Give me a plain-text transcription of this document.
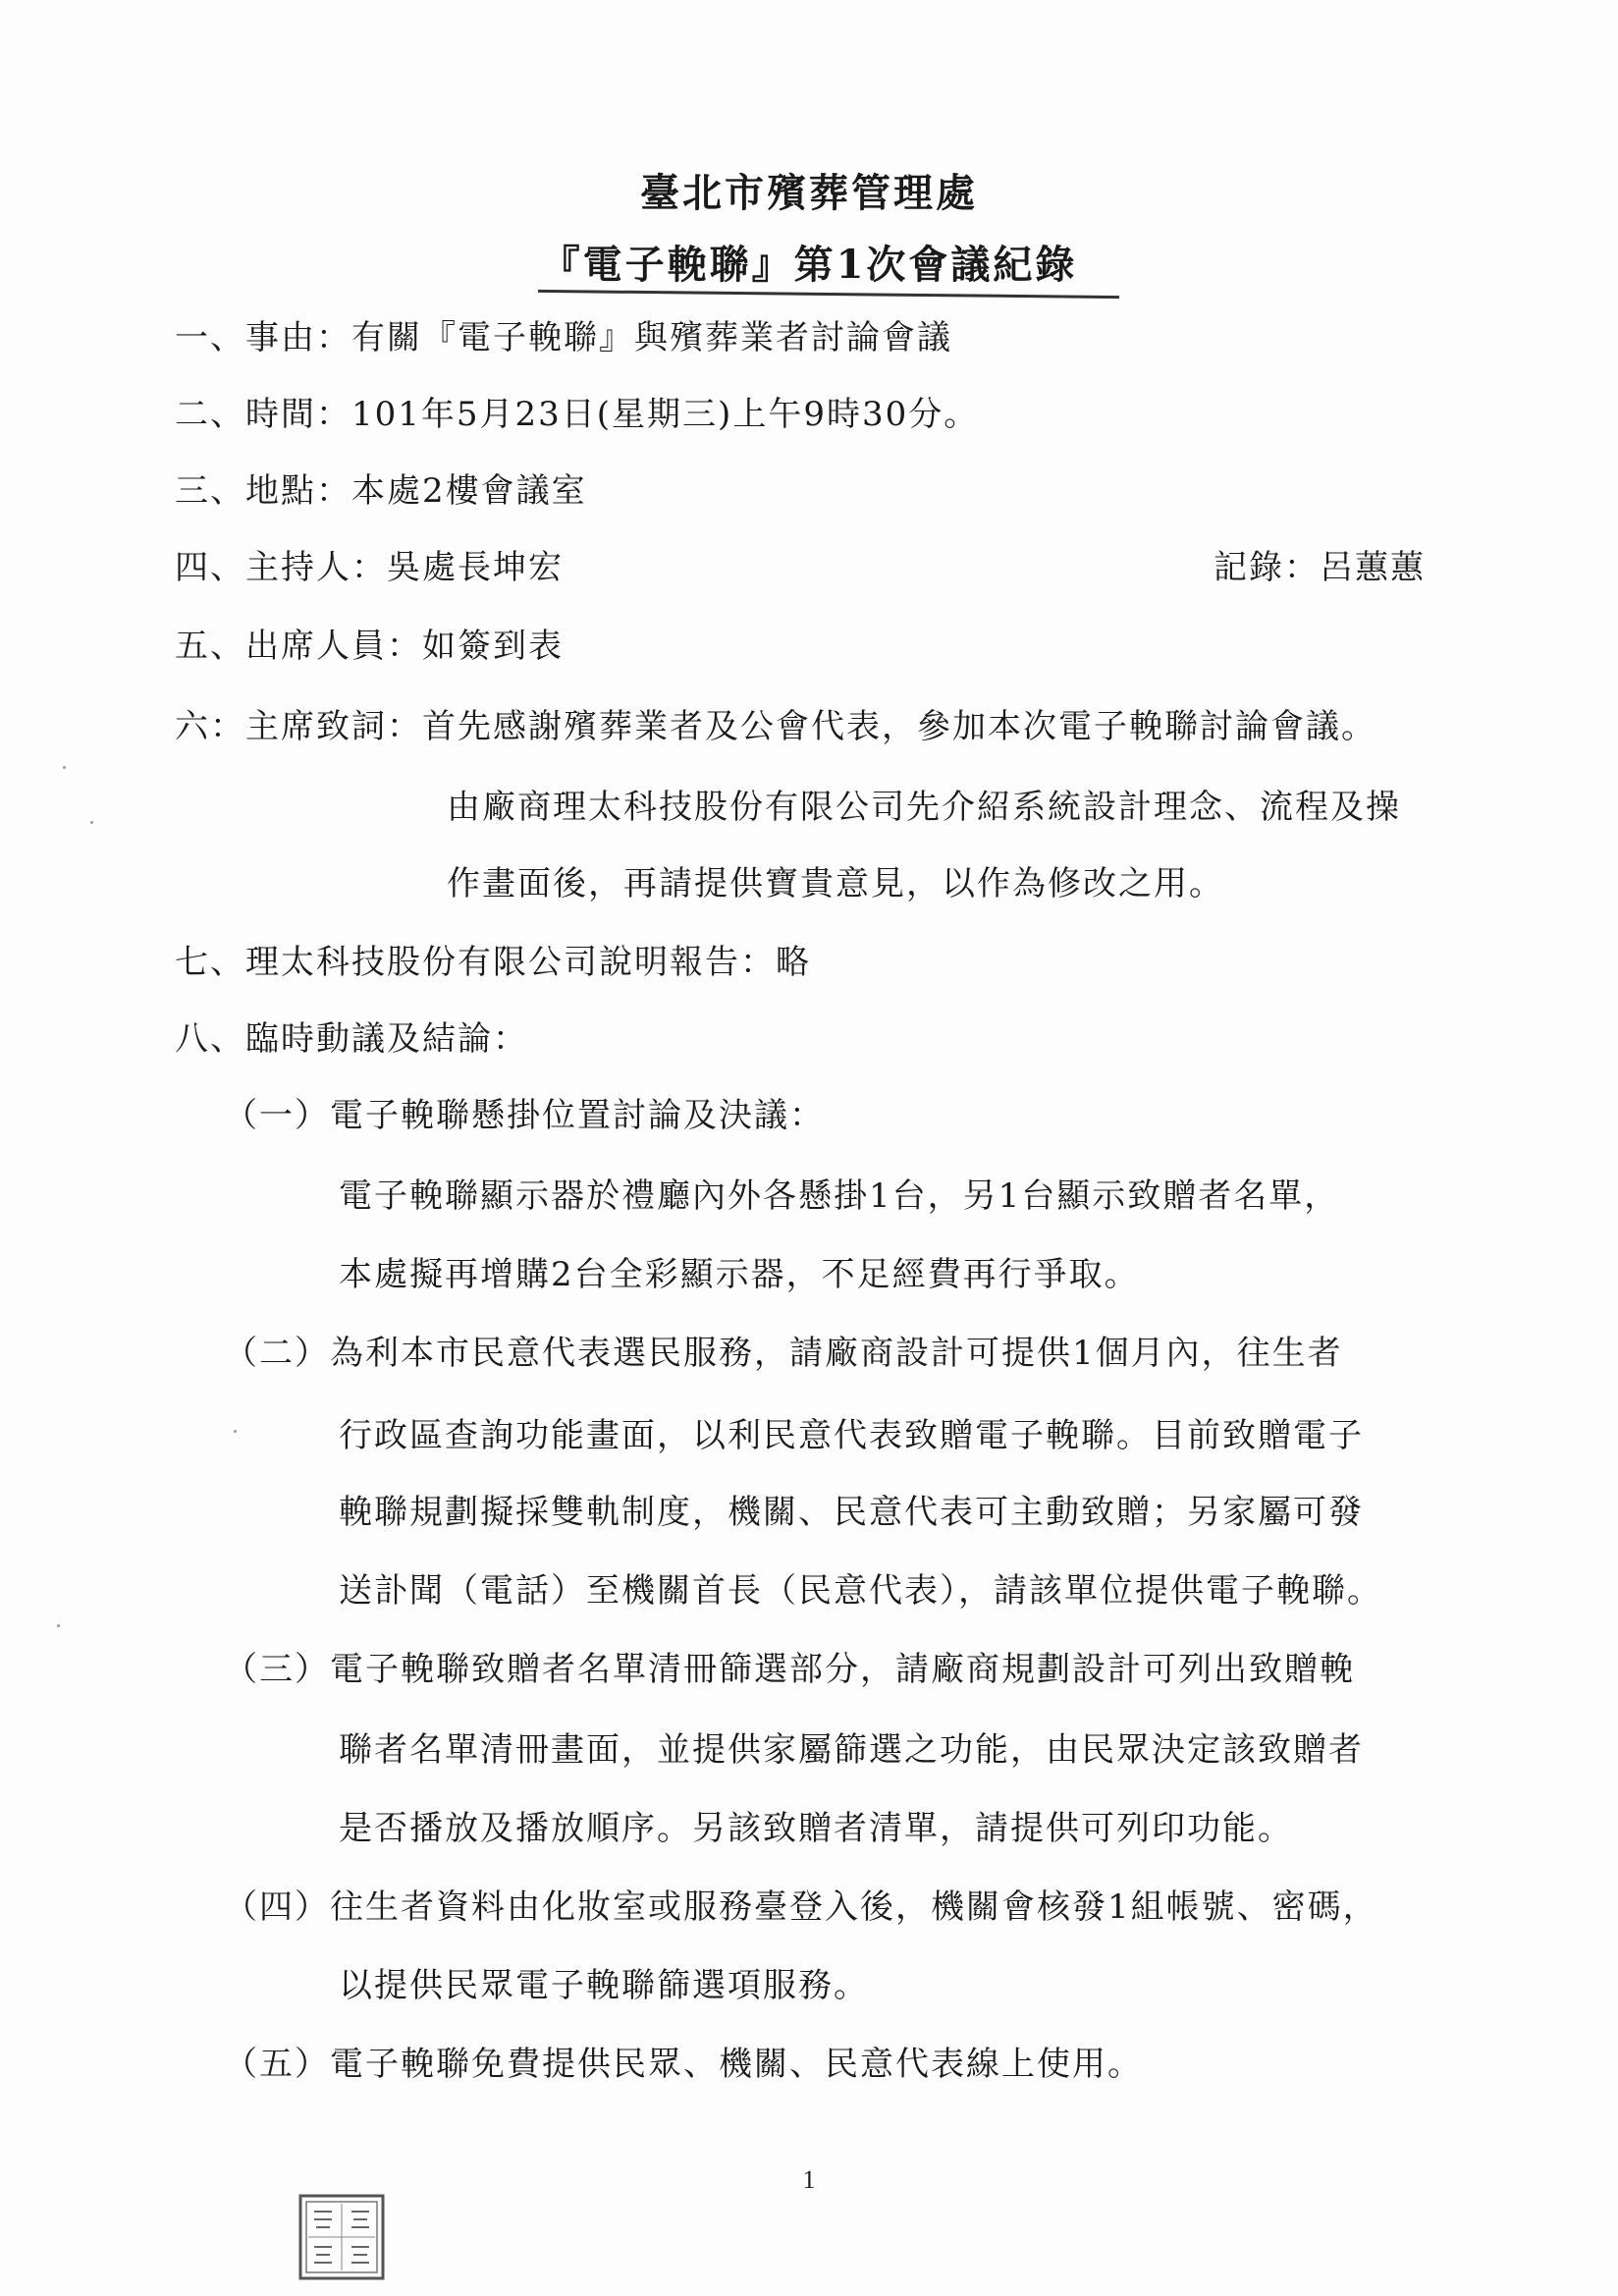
臺北市殯葬管理處
『電子輓聯』第1次會議紀錄
一、事由：有關『電子輓聯』與殯葬業者討論會議
二、時間：101年5月23日(星期三)上午9時30分。
三、地點：本處2樓會議室
四、主持人：吳處長坤宏	記錄：呂蕙蕙
五、出席人員：如簽到表
六：主席致詞：首先感謝殯葬業者及公會代表，參加本次電子輓聯討論會議。
由廠商理太科技股份有限公司先介紹系統設計理念、流程及操
作畫面後，再請提供寶貴意見，以作為修改之用。
七、理太科技股份有限公司說明報告：略
八、臨時動議及結論：
（一）電子輓聯懸掛位置討論及決議：
電子輓聯顯示器於禮廳內外各懸掛1台，另1台顯示致贈者名單，
本處擬再增購2台全彩顯示器，不足經費再行爭取。
（二）為利本市民意代表選民服務，請廠商設計可提供1個月內，往生者
行政區查詢功能畫面，以利民意代表致贈電子輓聯。目前致贈電子
輓聯規劃擬採雙軌制度，機關、民意代表可主動致贈；另家屬可發
送訃聞（電話）至機關首長（民意代表），請該單位提供電子輓聯。
（三）電子輓聯致贈者名單清冊篩選部分，請廠商規劃設計可列出致贈輓
聯者名單清冊畫面，並提供家屬篩選之功能，由民眾決定該致贈者
是否播放及播放順序。另該致贈者清單，請提供可列印功能。
（四）往生者資料由化妝室或服務臺登入後，機關會核發1組帳號、密碼，
以提供民眾電子輓聯篩選項服務。
（五）電子輓聯免費提供民眾、機關、民意代表線上使用。
1
